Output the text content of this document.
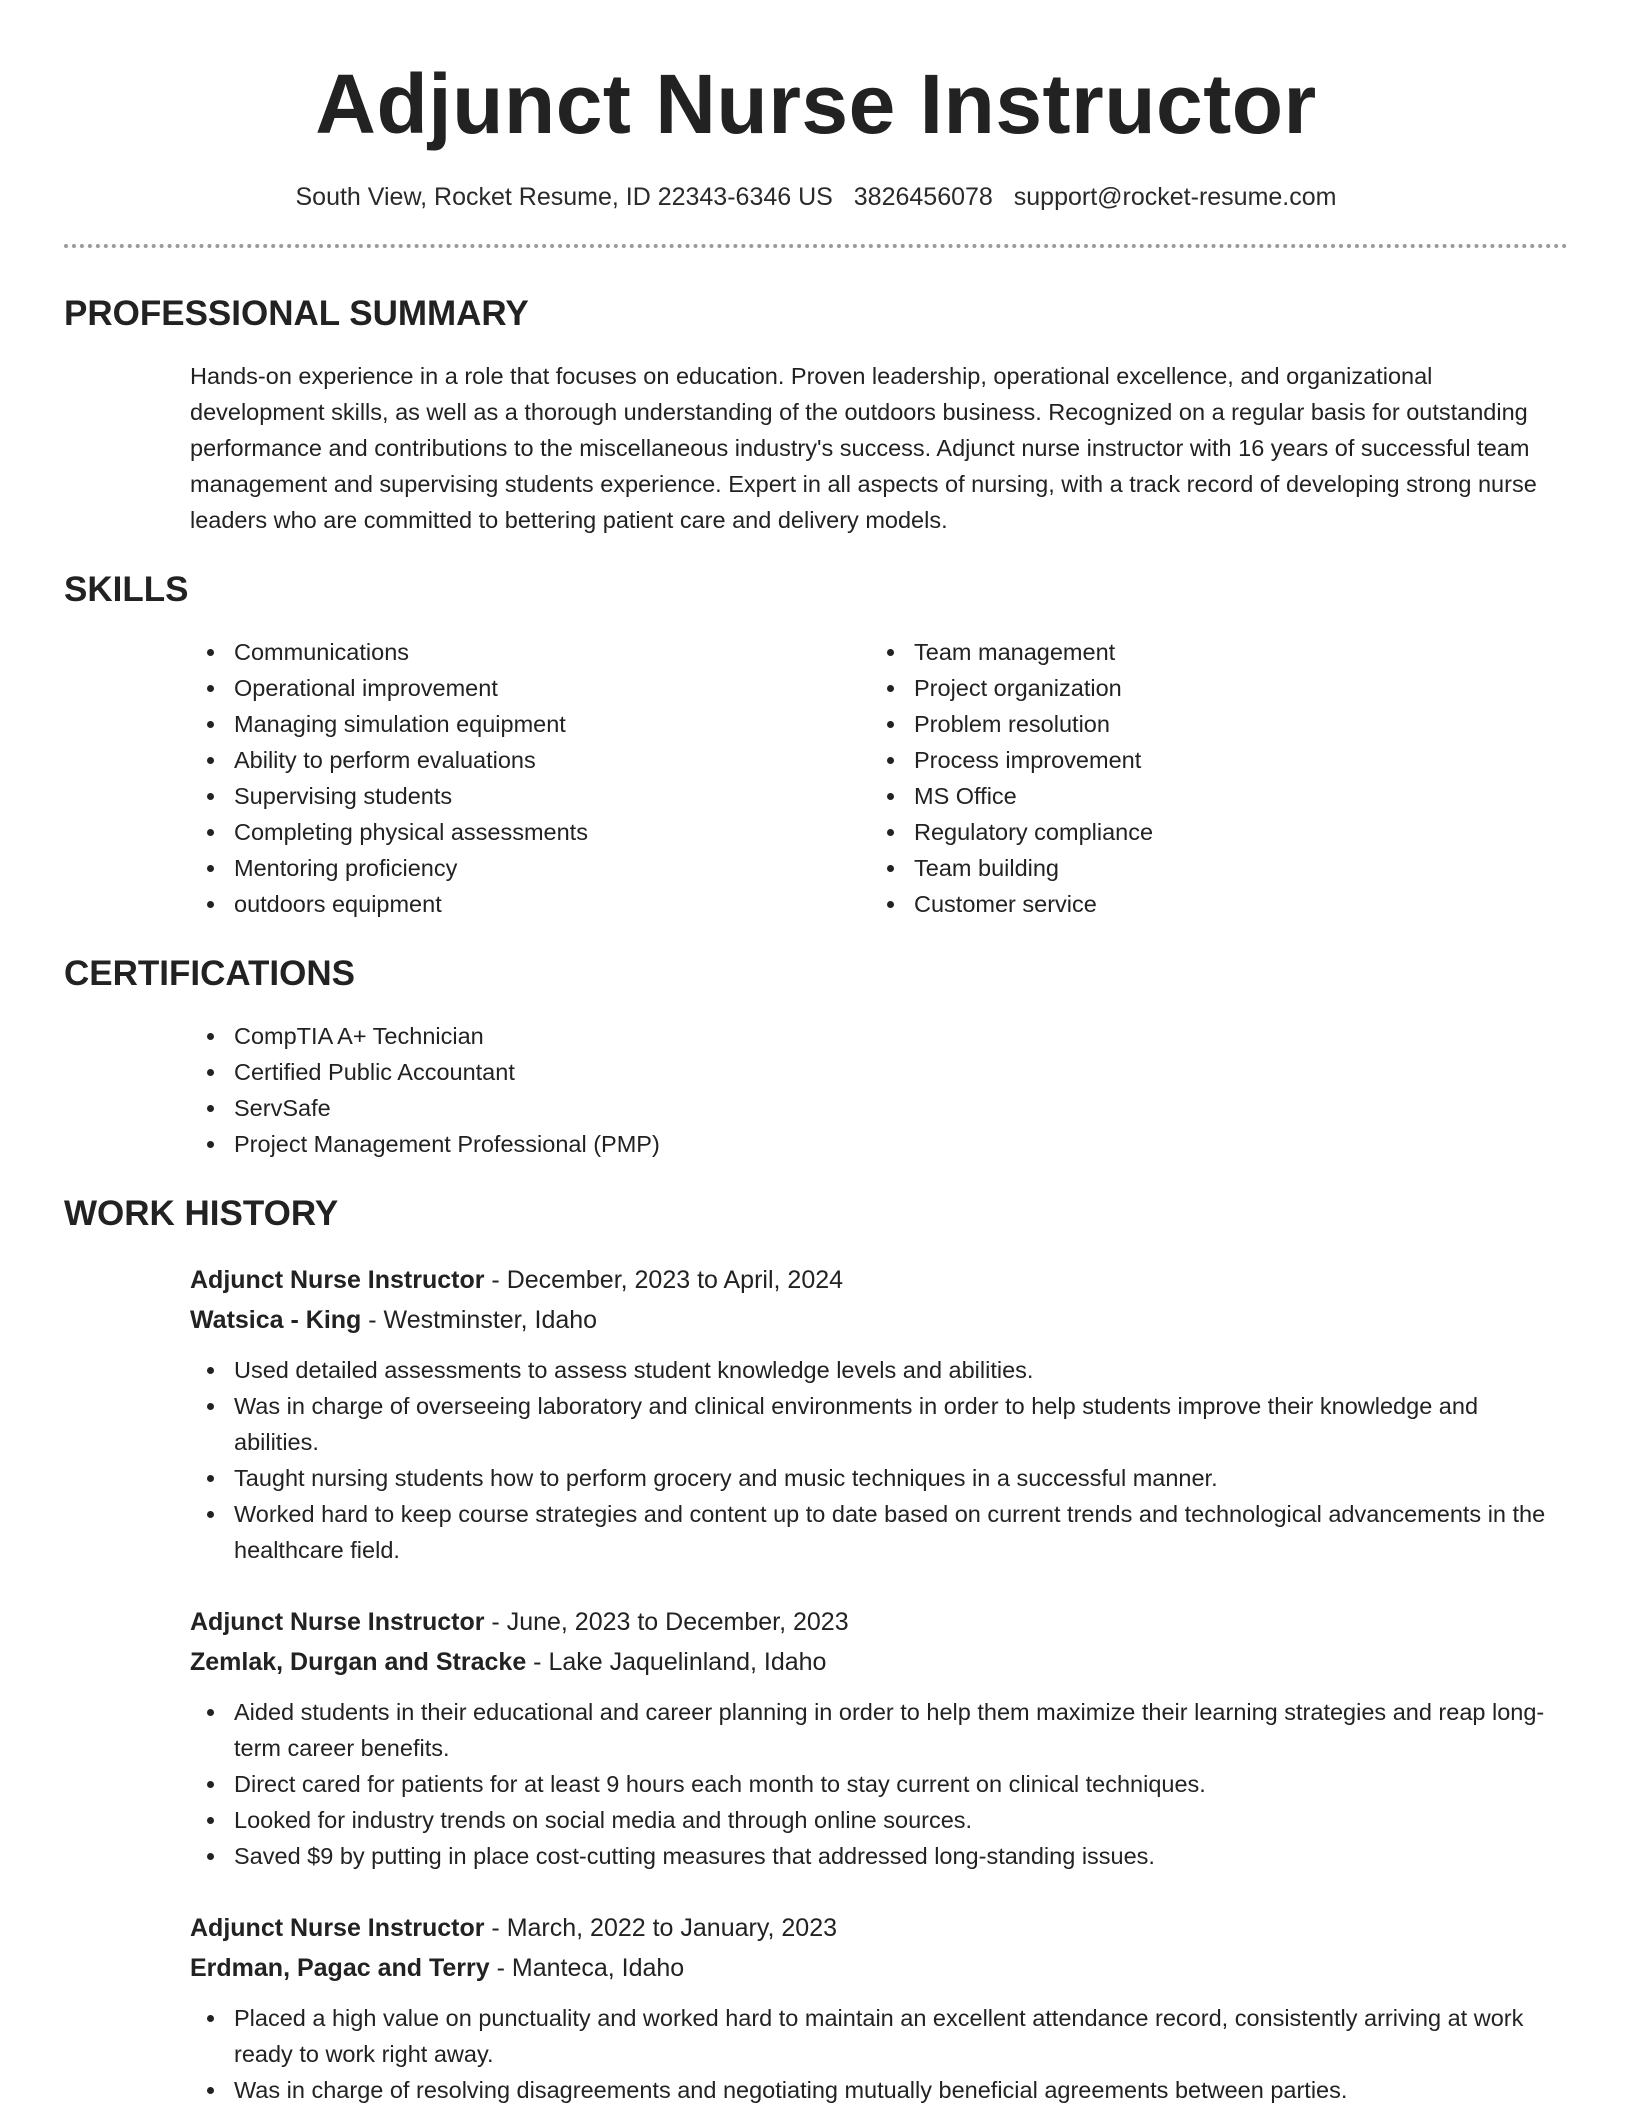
Adjunct Nurse Instructor
South View, Rocket Resume, ID 22343-6346 US 3826456078 support@rocket-resume.com
PROFESSIONAL SUMMARY

Hands-on experience in a role that focuses on education. Proven leadership, operational excellence, and organizational development skills, as well as a thorough understanding of the outdoors business. Recognized on a regular basis for outstanding performance and contributions to the miscellaneous industry's success. Adjunct nurse instructor with 16 years of successful team management and supervising students experience. Expert in all aspects of nursing, with a track record of developing strong nurse leaders who are committed to bettering patient care and delivery models.

SKILLS
Communications
Operational improvement
Managing simulation equipment
Ability to perform evaluations
Supervising students
Completing physical assessments
Mentoring proficiency
outdoors equipment
Team management
Project organization
Problem resolution
Process improvement
MS Office
Regulatory compliance
Team building
Customer service
CERTIFICATIONS
CompTIA A+ Technician
Certified Public Accountant
ServSafe
Project Management Professional (PMP)
WORK HISTORY
Adjunct Nurse Instructor - December, 2023 to April, 2024
Watsica - King - Westminster, Idaho
Used detailed assessments to assess student knowledge levels and abilities.
Was in charge of overseeing laboratory and clinical environments in order to help students improve their knowledge and abilities.
Taught nursing students how to perform grocery and music techniques in a successful manner.
Worked hard to keep course strategies and content up to date based on current trends and technological advancements in the healthcare field.
Adjunct Nurse Instructor - June, 2023 to December, 2023
Zemlak, Durgan and Stracke - Lake Jaquelinland, Idaho
Aided students in their educational and career planning in order to help them maximize their learning strategies and reap long-term career benefits.
Direct cared for patients for at least 9 hours each month to stay current on clinical techniques.
Looked for industry trends on social media and through online sources.
Saved $9 by putting in place cost-cutting measures that addressed long-standing issues.
Adjunct Nurse Instructor - March, 2022 to January, 2023
Erdman, Pagac and Terry - Manteca, Idaho
Placed a high value on punctuality and worked hard to maintain an excellent attendance record, consistently arriving at work ready to work right away.
Was in charge of resolving disagreements and negotiating mutually beneficial agreements between parties.
